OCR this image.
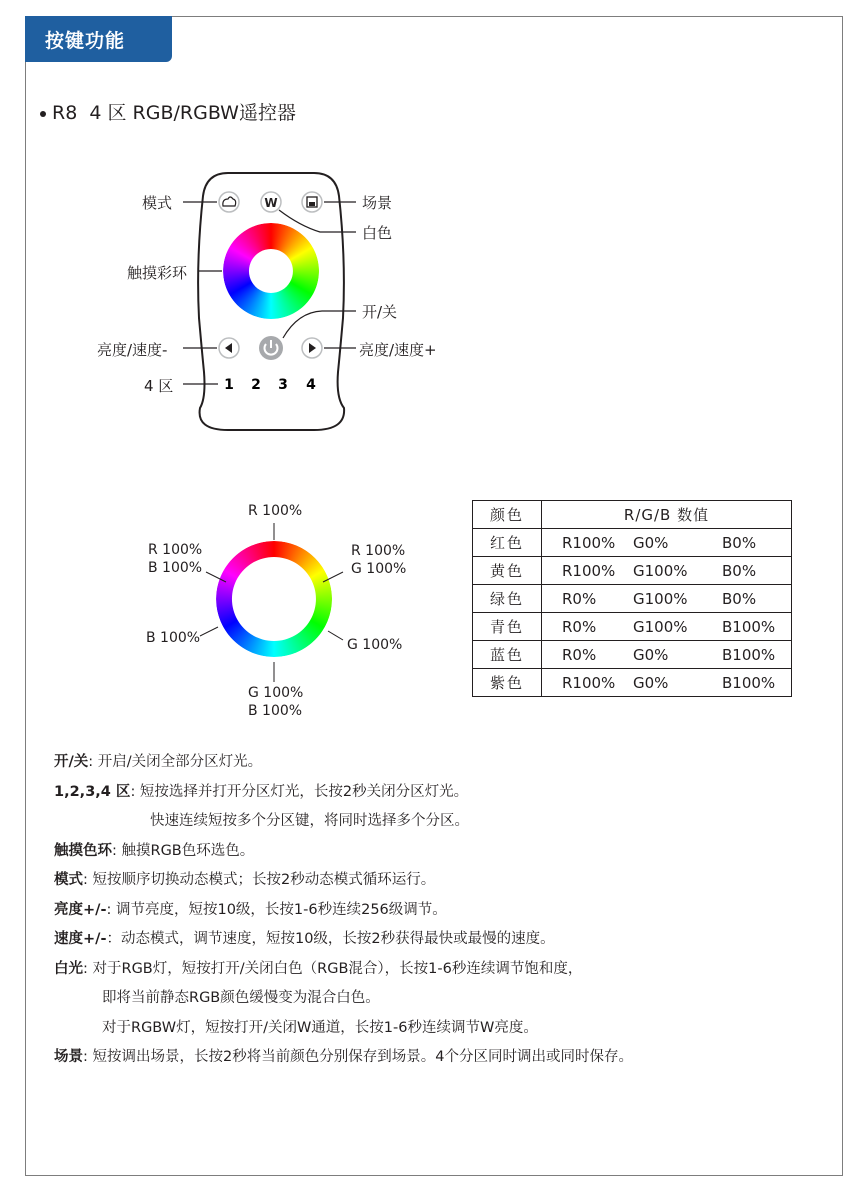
按键功能
R8  4 区 RGB/RGBW遥控器
W
1 2 3 4
模式	场景
白色
触摸彩环
开/关
亮度/速度-	亮度/速度+
4 区
R 100%
R 100%
B 100%
R 100%
G 100%
B 100%	G 100%
G 100%
B 100%
颜色	R/G/B 数值
红色	R100% G0% B0%

黄色	R100% G100% B0%

绿色	R0% G100% B0%

青色	R0% G100% B100%

蓝色	R0% G0% B100%

紫色	R100% G0% B100%
开/关: 开启/关闭全部分区灯光。
1,2,3,4 区: 短按选择并打开分区灯光，长按2秒关闭分区灯光。
快速连续短按多个分区键，将同时选择多个分区。
触摸色环: 触摸RGB色环选色。
模式: 短按顺序切换动态模式；长按2秒动态模式循环运行。
亮度+/-: 调节亮度，短按10级，长按1-6秒连续256级调节。
速度+/-：动态模式，调节速度，短按10级，长按2秒获得最快或最慢的速度。
白光: 对于RGB灯，短按打开/关闭白色（RGB混合），长按1-6秒连续调节饱和度，
即将当前静态RGB颜色缓慢变为混合白色。
对于RGBW灯，短按打开/关闭W通道，长按1-6秒连续调节W亮度。
场景: 短按调出场景，长按2秒将当前颜色分别保存到场景。4个分区同时调出或同时保存。
